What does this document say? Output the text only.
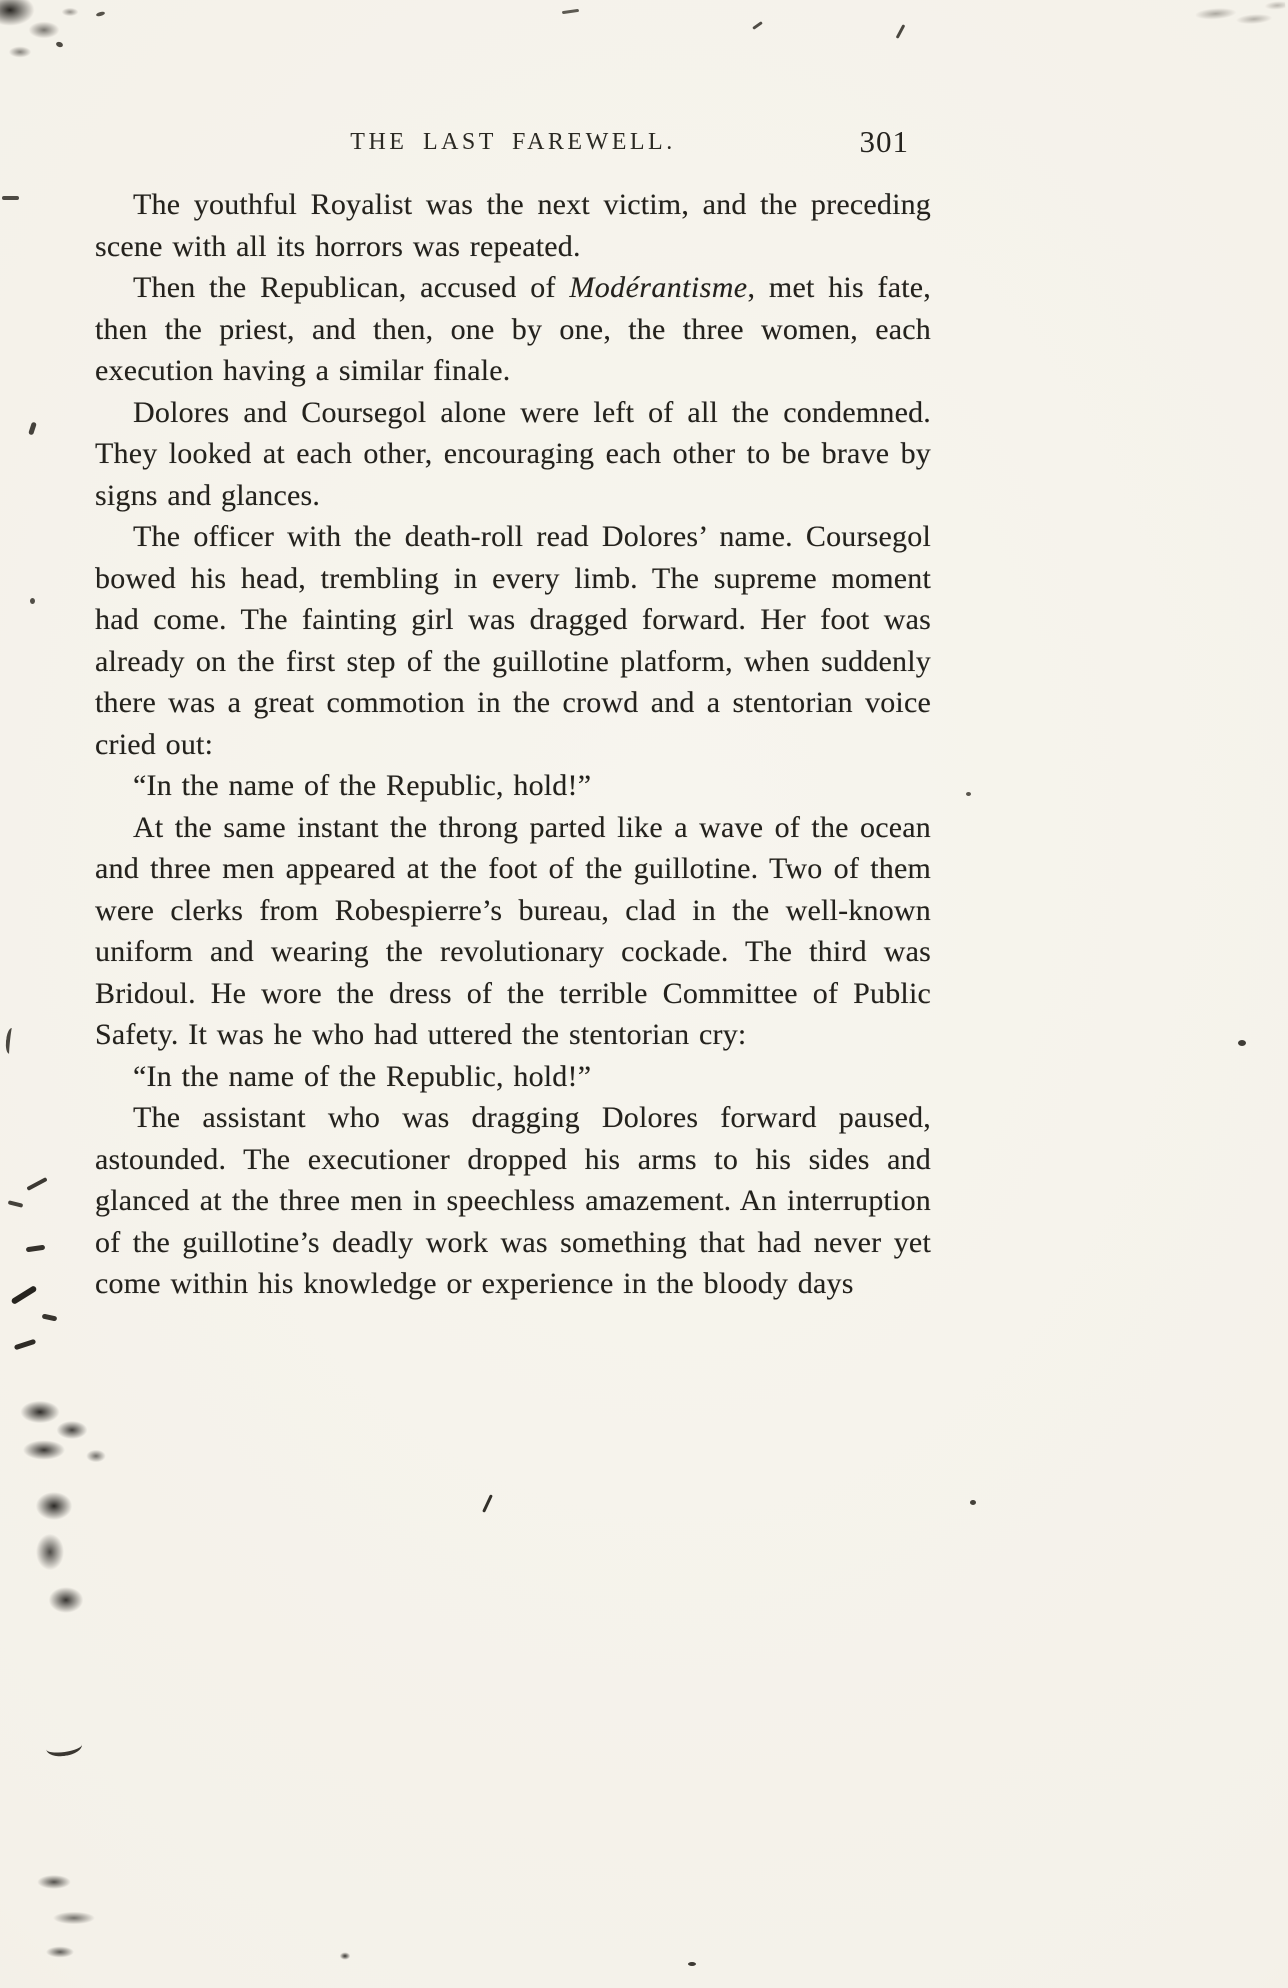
THE LAST FAREWELL.	301

The youthful Royalist was the next victim, and the preceding scene with all its horrors was repeated.

Then the Republican, accused of Modérantisme, met his fate, then the priest, and then, one by one, the three women, each execution having a similar finale.

Dolores and Coursegol alone were left of all the condemned. They looked at each other, encouraging each other to be brave by signs and glances.

The officer with the death-roll read Dolores’ name. Coursegol bowed his head, trembling in every limb. The supreme moment had come. The fainting girl was dragged forward. Her foot was already on the first step of the guillotine platform, when suddenly there was a great commotion in the crowd and a stentorian voice cried out:

“In the name of the Republic, hold!”

At the same instant the throng parted like a wave of the ocean and three men appeared at the foot of the guillotine. Two of them were clerks from Robespierre’s bureau, clad in the well-known uniform and wearing the revolutionary cockade. The third was Bridoul. He wore the dress of the terrible Committee of Public Safety. It was he who had uttered the stentorian cry:

“In the name of the Republic, hold!”

The assistant who was dragging Dolores forward paused, astounded. The executioner dropped his arms to his sides and glanced at the three men in speechless amazement. An interruption of the guillotine’s deadly work was something that had never yet come within his knowledge or experience in the bloody days
